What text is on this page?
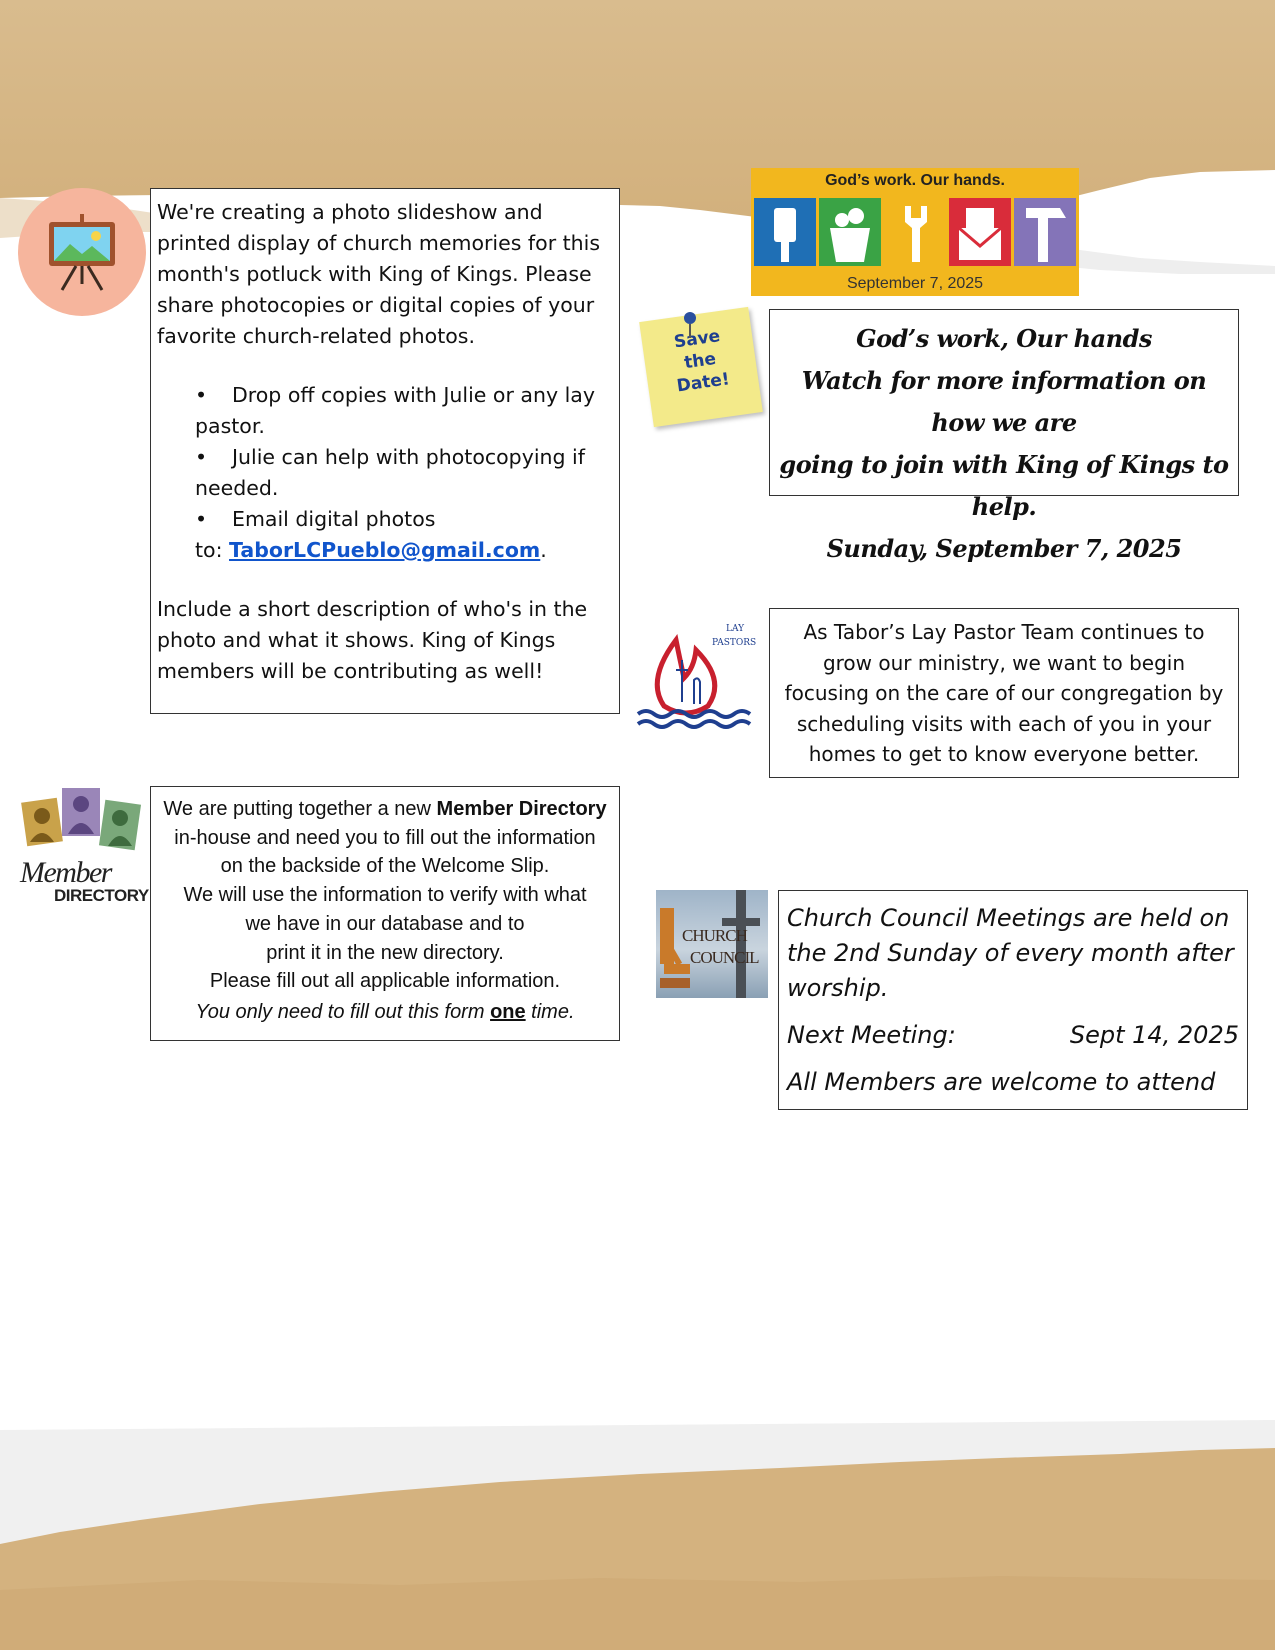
We're creating a photo slideshow and printed display of church memories for this month's potluck with King of Kings. Please share photocopies or digital copies of your favorite church-related photos.

• Drop off copies with Julie or any lay pastor.
• Julie can help with photocopying if needed.
• Email digital photos
to: TaborLCPueblo@gmail.com.

Include a short description of who's in the photo and what it shows. King of Kings members will be contributing as well!

Member
DIRECTORY
We are putting together a new Member Directory
in-house and need you to fill out the information
on the backside of the Welcome Slip.
We will use the information to verify with what
we have in our database and to
print it in the new directory.
Please fill out all applicable information.
You only need to fill out this form one time.
God’s work. Our hands.
September 7, 2025
Save
the
Date!
God’s work, Our hands
Watch for more information on how we are
going to join with King of Kings to help.
Sunday, September 7, 2025
LAY
PASTORS	As Tabor’s Lay Pastor Team continues to grow our ministry, we want to begin focusing on the care of our congregation by scheduling visits with each of you in your homes to get to know everyone better.
CHURCH
COUNCIL
Church Council Meetings are held on the 2nd Sunday of every month after worship.
Next Meeting:	Sept 14, 2025
All Members are welcome to attend
